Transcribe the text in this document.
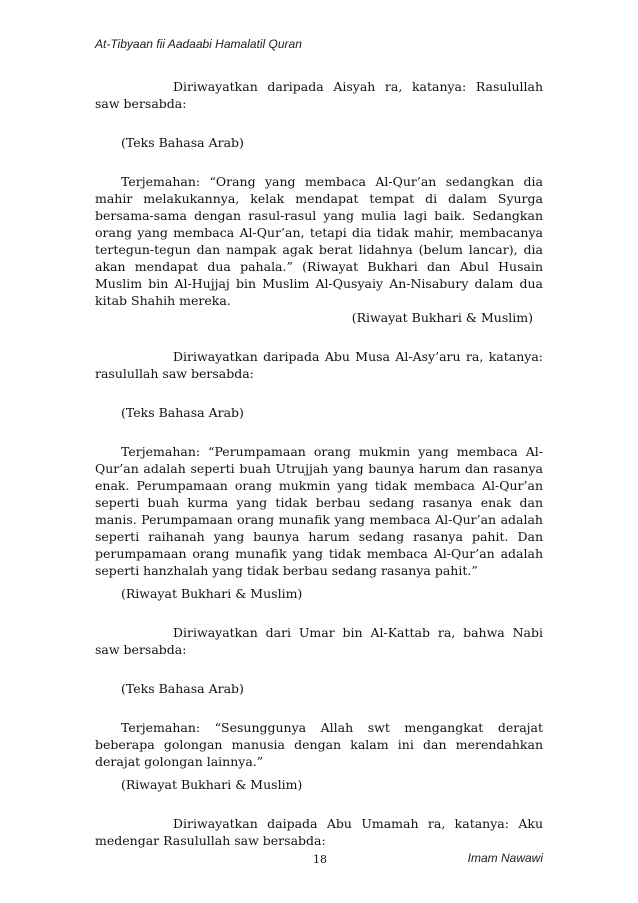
At-Tibyaan fii Aadaabi Hamalatil Quran

Diriwayatkan daripada Aisyah ra, katanya: Rasulullah saw bersabda:

(Teks Bahasa Arab)

Terjemahan: “Orang yang membaca Al-Qur’an sedangkan dia mahir melakukannya, kelak mendapat tempat di dalam Syurga bersama-sama dengan rasul-rasul yang mulia lagi baik. Sedangkan orang yang membaca Al-Qur’an, tetapi dia tidak mahir, membacanya tertegun-tegun dan nampak agak berat lidahnya (belum lancar), dia akan mendapat dua pahala.” (Riwayat Bukhari dan Abul Husain Muslim bin Al-Hujjaj bin Muslim Al-Qusyaiy An-Nisabury dalam dua kitab Shahih mereka.

(Riwayat Bukhari & Muslim)

Diriwayatkan daripada Abu Musa Al-Asy’aru ra, katanya: rasulullah saw bersabda:

(Teks Bahasa Arab)

Terjemahan: “Perumpamaan orang mukmin yang membaca Al-Qur’an adalah seperti buah Utrujjah yang baunya harum dan rasanya enak. Perumpamaan orang mukmin yang tidak membaca Al-Qur’an seperti buah kurma yang tidak berbau sedang rasanya enak dan manis. Perumpamaan orang munafik yang membaca Al-Qur’an adalah seperti raihanah yang baunya harum sedang rasanya pahit. Dan perumpamaan orang munafik yang tidak membaca Al-Qur’an adalah seperti hanzhalah yang tidak berbau sedang rasanya pahit.”

(Riwayat Bukhari & Muslim)

Diriwayatkan dari Umar bin Al-Kattab ra, bahwa Nabi saw bersabda:

(Teks Bahasa Arab)

Terjemahan: “Sesunggunya Allah swt mengangkat derajat beberapa golongan manusia dengan kalam ini dan merendahkan derajat golongan lainnya.”

(Riwayat Bukhari & Muslim)

Diriwayatkan daipada Abu Umamah ra, katanya: Aku medengar Rasulullah saw bersabda:

18	Imam Nawawi
